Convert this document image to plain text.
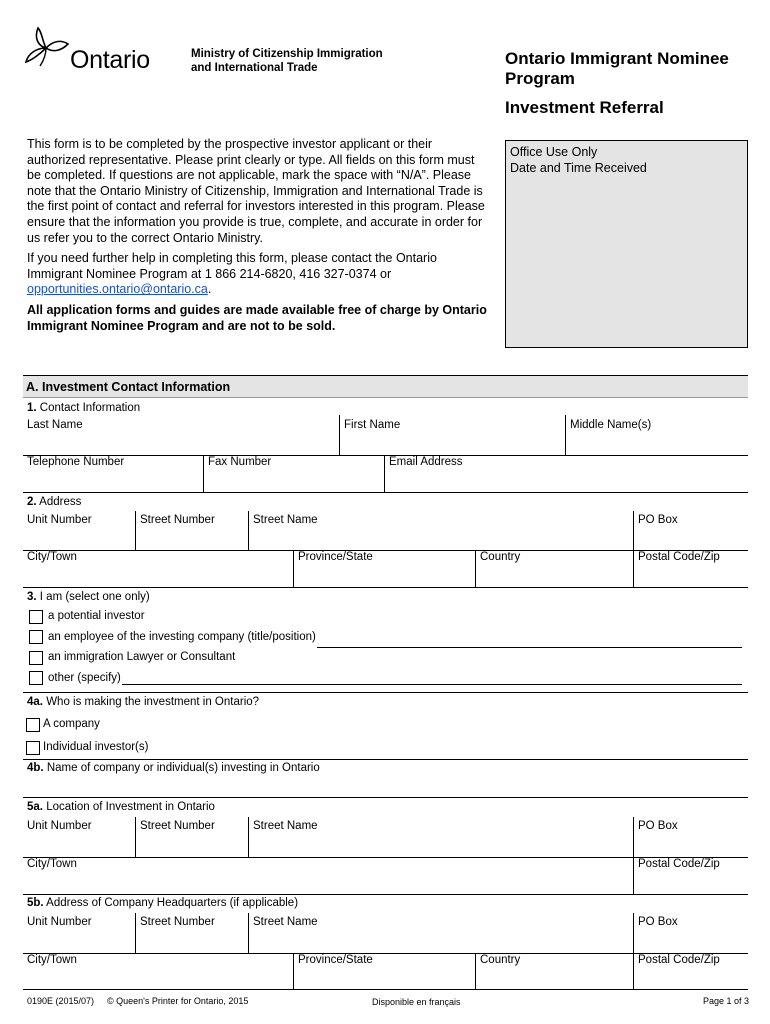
Ontario	Ministry of Citizenship Immigration
and International Trade	Ontario Immigrant Nominee
Program
Investment Referral

This form is to be completed by the prospective investor applicant or their authorized representative. Please print clearly or type. All fields on this form must be completed. If questions are not applicable, mark the space with “N/A”. Please note that the Ontario Ministry of Citizenship, Immigration and International Trade is the first point of contact and referral for investors interested in this program. Please ensure that the information you provide is true, complete, and accurate in order for us refer you to the correct Ontario Ministry.

If you need further help in completing this form, please contact the Ontario Immigrant Nominee Program at 1 866 214-6820, 416 327-0374 or opportunities.ontario@ontario.ca.

All application forms and guides are made available free of charge by Ontario Immigrant Nominee Program and are not to be sold.

Office Use Only
Date and Time Received
A. Investment Contact Information
1. Contact Information
Last Name	First Name	Middle Name(s)
Telephone Number	Fax Number	Email Address
2. Address
Unit Number	Street Number	Street Name	PO Box
City/Town	Province/State	Country	Postal Code/Zip
3. I am (select one only)
a potential investor
an employee of the investing company (title/position)
an immigration Lawyer or Consultant
other (specify)
4a. Who is making the investment in Ontario?
A company
Individual investor(s)
4b. Name of company or individual(s) investing in Ontario
5a. Location of Investment in Ontario
Unit Number	Street Number	Street Name	PO Box
City/Town	Postal Code/Zip
5b. Address of Company Headquarters (if applicable)
Unit Number	Street Number	Street Name	PO Box
City/Town	Province/State	Country	Postal Code/Zip
0190E (2015/07) © Queen's Printer for Ontario, 2015	Disponible en français	Page 1 of 3
